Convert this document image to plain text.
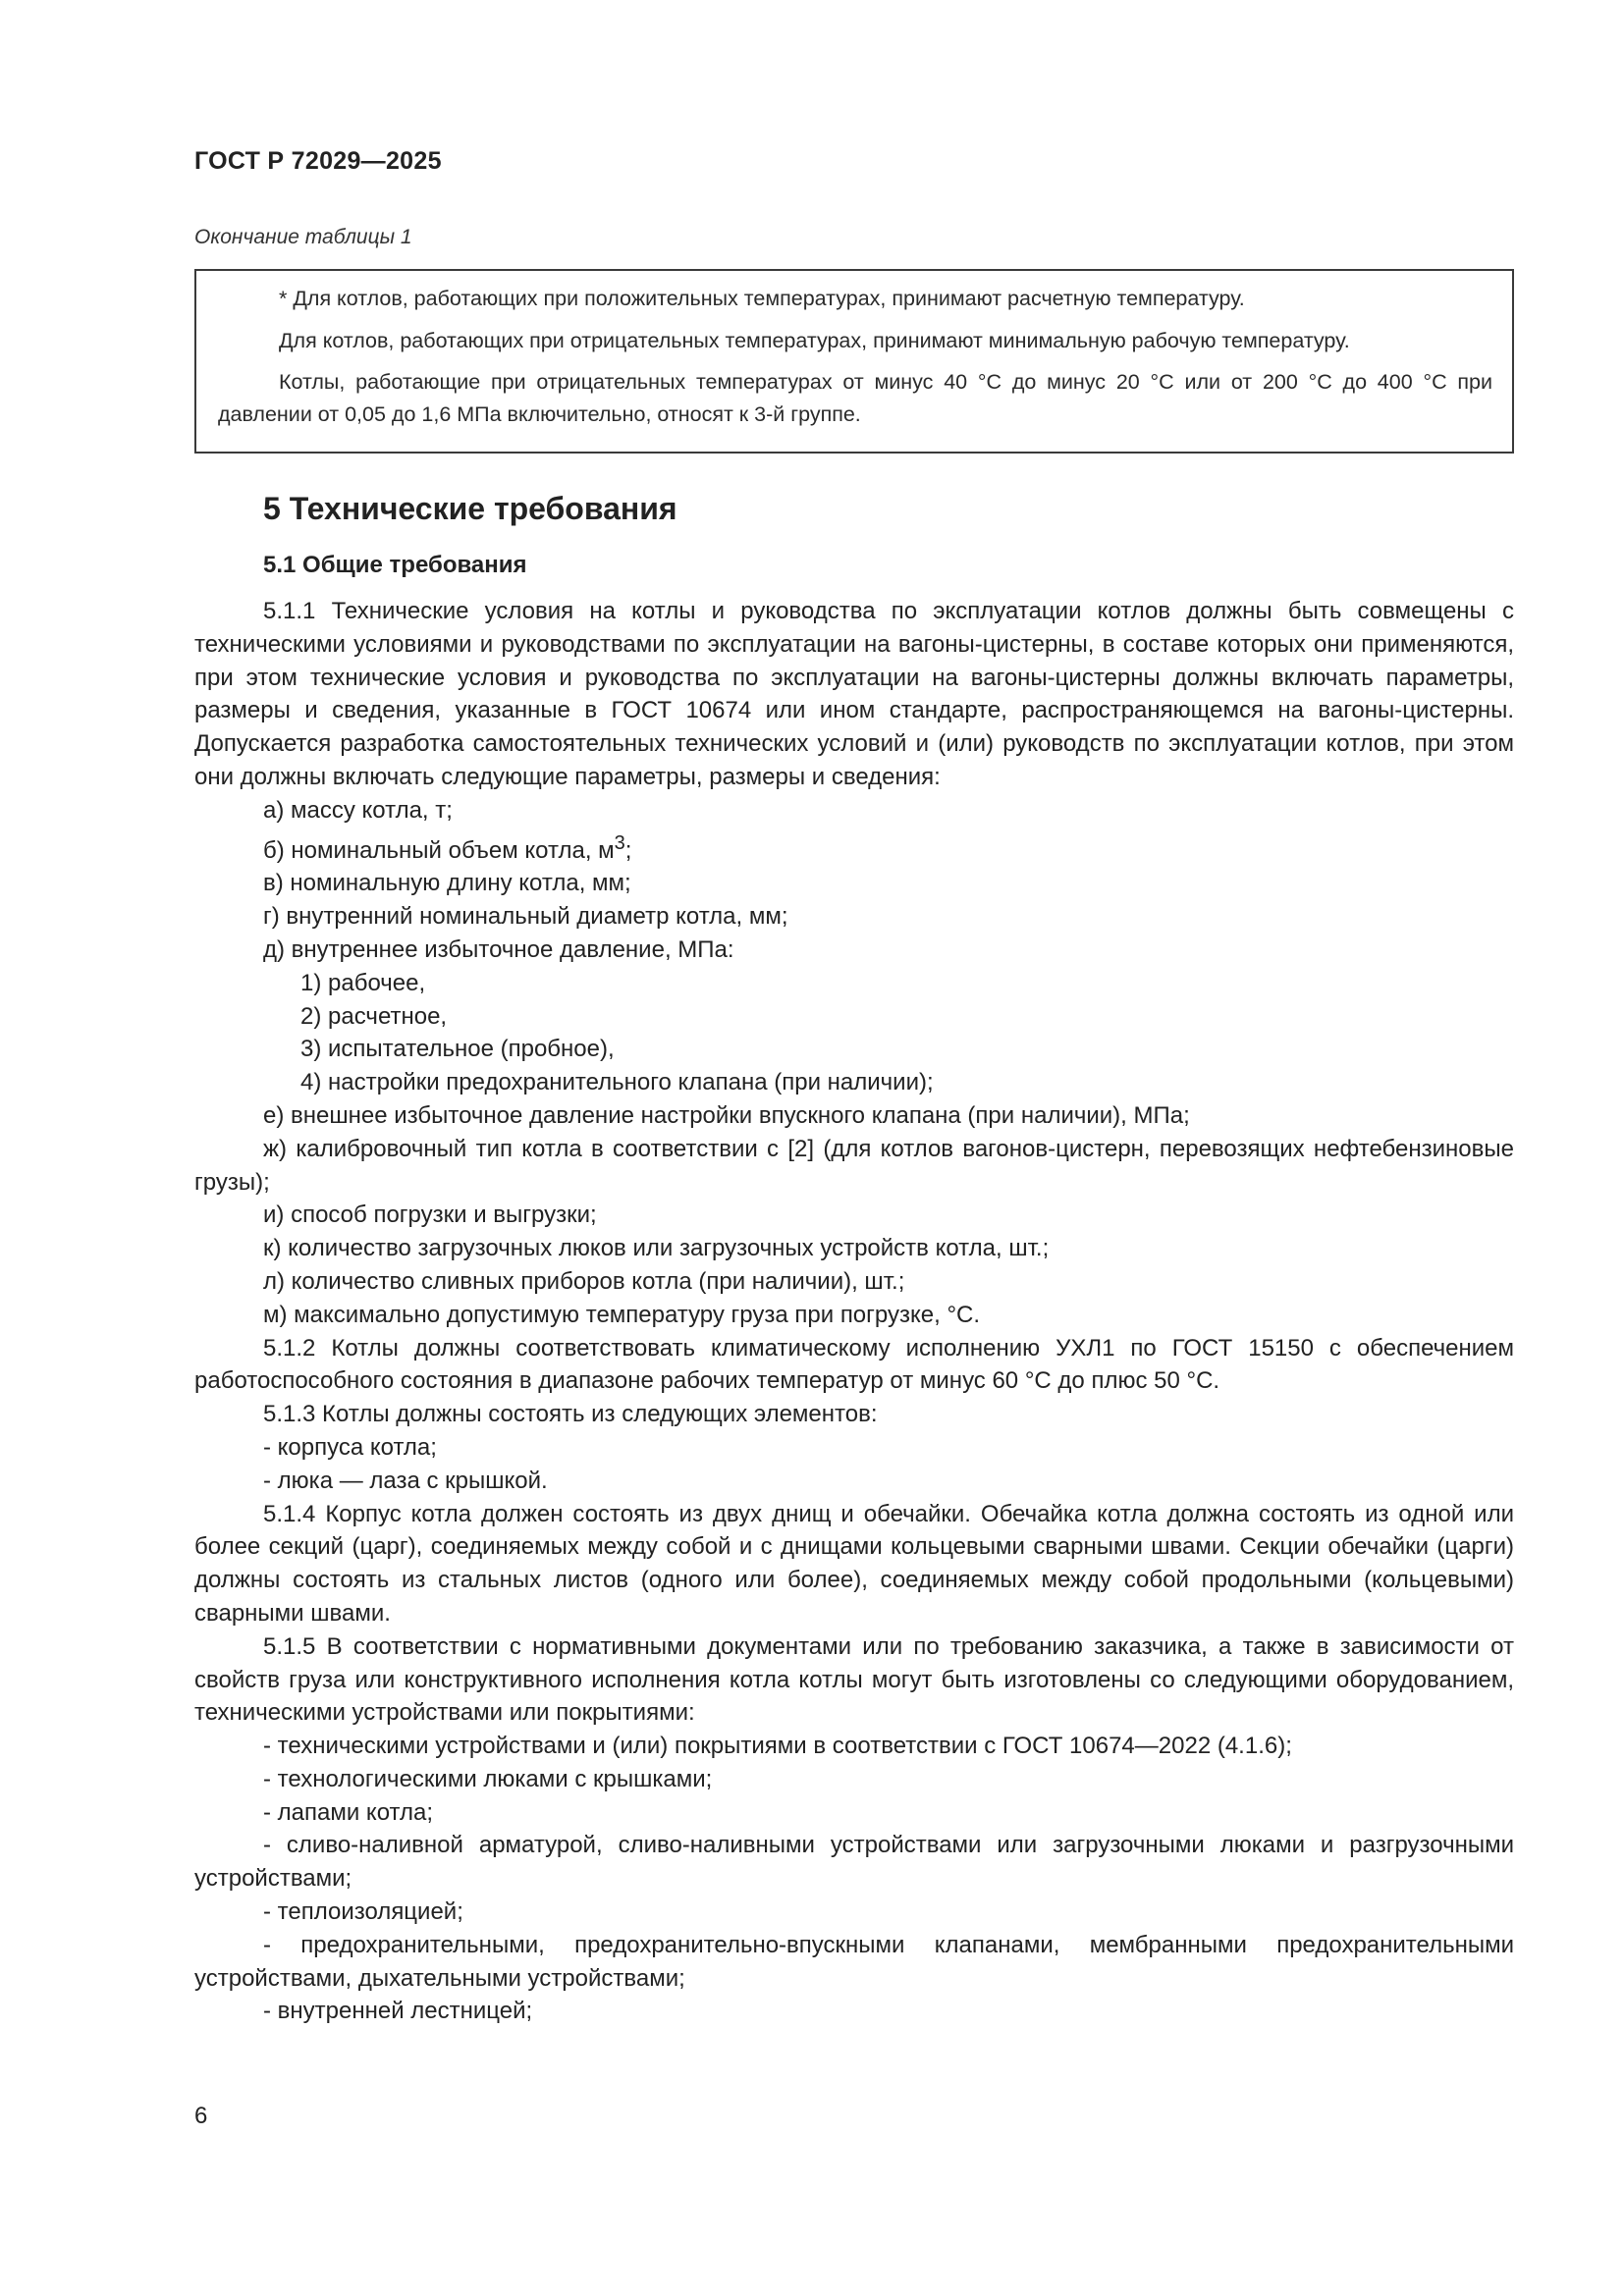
ГОСТ Р 72029—2025
Окончание таблицы 1

* Для котлов, работающих при положительных температурах, принимают расчетную температуру.

Для котлов, работающих при отрицательных температурах, принимают минимальную рабочую температуру.

Котлы, работающие при отрицательных температурах от минус 40 °С до минус 20 °С или от 200 °С до 400 °С при давлении от 0,05 до 1,6 МПа включительно, относят к 3-й группе.

5 Технические требования
5.1 Общие требования

5.1.1 Технические условия на котлы и руководства по эксплуатации котлов должны быть совмещены с техническими условиями и руководствами по эксплуатации на вагоны-цистерны, в составе которых они применяются, при этом технические условия и руководства по эксплуатации на вагоны-цистерны должны включать параметры, размеры и сведения, указанные в ГОСТ 10674 или ином стандарте, распространяющемся на вагоны-цистерны. Допускается разработка самостоятельных технических условий и (или) руководств по эксплуатации котлов, при этом они должны включать следующие параметры, размеры и сведения:

а) массу котла, т;

б) номинальный объем котла, $м^3$;

в) номинальную длину котла, мм;

г) внутренний номинальный диаметр котла, мм;

д) внутреннее избыточное давление, МПа:

1) рабочее,

2) расчетное,

3) испытательное (пробное),

4) настройки предохранительного клапана (при наличии);

е) внешнее избыточное давление настройки впускного клапана (при наличии), МПа;

ж) калибровочный тип котла в соответствии с [2] (для котлов вагонов-цистерн, перевозящих нефтебензиновые грузы);

и) способ погрузки и выгрузки;

к) количество загрузочных люков или загрузочных устройств котла, шт.;

л) количество сливных приборов котла (при наличии), шт.;

м) максимально допустимую температуру груза при погрузке, °С.

5.1.2 Котлы должны соответствовать климатическому исполнению УХЛ1 по ГОСТ 15150 с обеспечением работоспособного состояния в диапазоне рабочих температур от минус 60 °С до плюс 50 °С.

5.1.3 Котлы должны состоять из следующих элементов:

- корпуса котла;

- люка — лаза с крышкой.

5.1.4 Корпус котла должен состоять из двух днищ и обечайки. Обечайка котла должна состоять из одной или более секций (царг), соединяемых между собой и с днищами кольцевыми сварными швами. Секции обечайки (царги) должны состоять из стальных листов (одного или более), соединяемых между собой продольными (кольцевыми) сварными швами.

5.1.5 В соответствии с нормативными документами или по требованию заказчика, а также в зависимости от свойств груза или конструктивного исполнения котла котлы могут быть изготовлены со следующими оборудованием, техническими устройствами или покрытиями:

- техническими устройствами и (или) покрытиями в соответствии с ГОСТ 10674—2022 (4.1.6);

- технологическими люками с крышками;

- лапами котла;

- сливо-наливной арматурой, сливо-наливными устройствами или загрузочными люками и разгрузочными устройствами;

- теплоизоляцией;

- предохранительными, предохранительно-впускными клапанами, мембранными предохранительными устройствами, дыхательными устройствами;

- внутренней лестницей;

6
